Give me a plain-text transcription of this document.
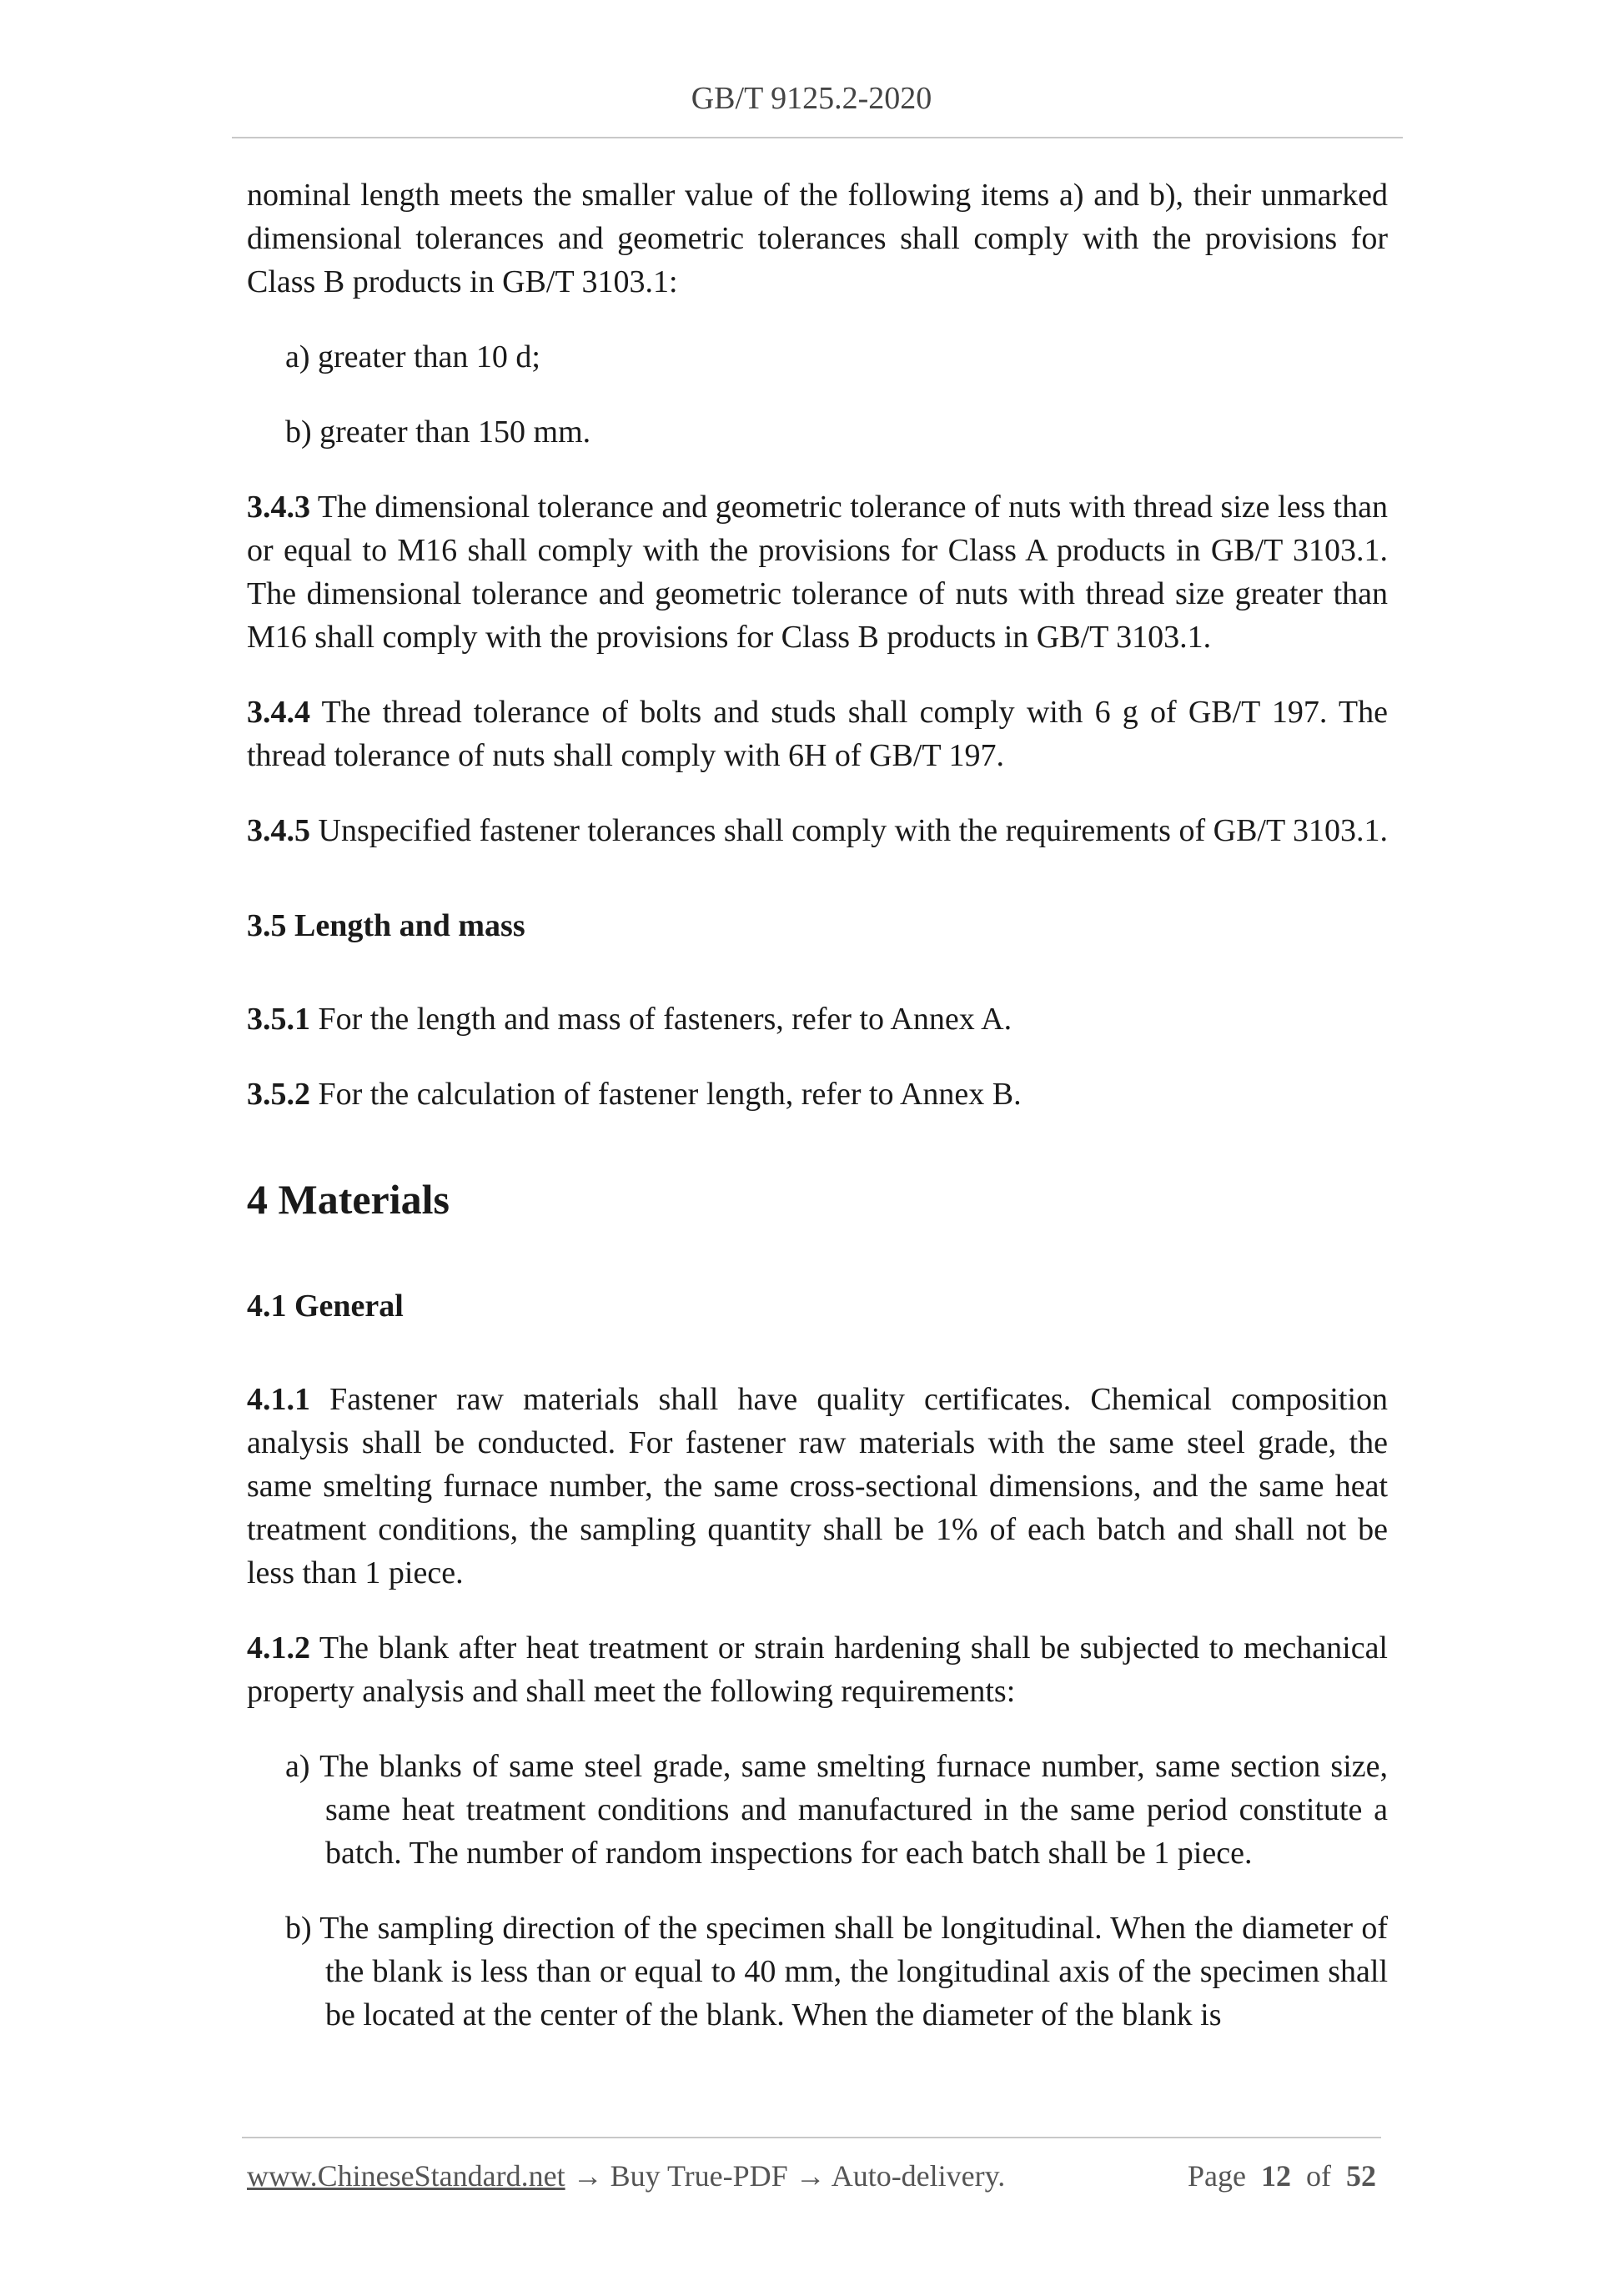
GB/T 9125.2-2020

nominal length meets the smaller value of the following items a) and b), their unmarked dimensional tolerances and geometric tolerances shall comply with the provisions for Class B products in GB/T 3103.1:

a) greater than 10 d;

b) greater than 150 mm.

3.4.3 The dimensional tolerance and geometric tolerance of nuts with thread size less than or equal to M16 shall comply with the provisions for Class A products in GB/T 3103.1. The dimensional tolerance and geometric tolerance of nuts with thread size greater than M16 shall comply with the provisions for Class B products in GB/T 3103.1.

3.4.4 The thread tolerance of bolts and studs shall comply with 6 g of GB/T 197. The thread tolerance of nuts shall comply with 6H of GB/T 197.

3.4.5 Unspecified fastener tolerances shall comply with the requirements of GB/T 3103.1.

3.5 Length and mass

3.5.1 For the length and mass of fasteners, refer to Annex A.

3.5.2 For the calculation of fastener length, refer to Annex B.

4 Materials
4.1 General

4.1.1 Fastener raw materials shall have quality certificates. Chemical composition analysis shall be conducted. For fastener raw materials with the same steel grade, the same smelting furnace number, the same cross-sectional dimensions, and the same heat treatment conditions, the sampling quantity shall be 1% of each batch and shall not be less than 1 piece.

4.1.2 The blank after heat treatment or strain hardening shall be subjected to mechanical property analysis and shall meet the following requirements:

a) The blanks of same steel grade, same smelting furnace number, same section size, same heat treatment conditions and manufactured in the same period constitute a batch. The number of random inspections for each batch shall be 1 piece.

b) The sampling direction of the specimen shall be longitudinal. When the diameter of the blank is less than or equal to 40 mm, the longitudinal axis of the specimen shall be located at the center of the blank. When the diameter of the blank is

www.ChineseStandard.net → Buy True-PDF → Auto-delivery.	Page 12 of 52
